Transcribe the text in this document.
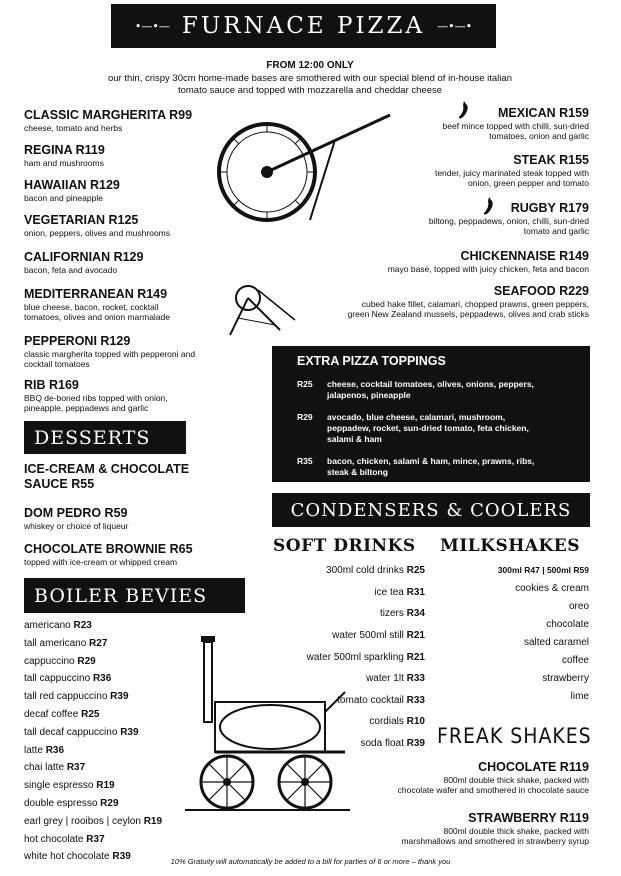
•—•— FURNACE PIZZA —•—•
FROM 12:00 ONLY
our thin, crispy 30cm home-made bases are smothered with our special blend of in-house italian
tomato sauce and topped with mozzarella and cheddar cheese
CLASSIC MARGHERITA R99
cheese, tomato and herbs
REGINA R119
ham and mushrooms
HAWAIIAN R129
bacon and pineapple
VEGETARIAN R125
onion, peppers, olives and mushrooms
CALIFORNIAN R129
bacon, feta and avocado
MEDITERRANEAN R149
blue cheese, bacon, rocket, cocktail
tomatoes, olives and onion marmalade
PEPPERONI R129
classic margherita topped with pepperoni and
cocktail tomatoes
RIB R169
BBQ de-boned ribs topped with onion,
pineapple, peppadews and garlic
MEXICAN R159
beef mince topped with chilli, sun-dried
tomatoes, onion and garlic
STEAK R155
tender, juicy marinated steak topped with
onion, green pepper and tomato
RUGBY R179
biltong, peppadews, onion, chilli, sun-dried
tomato and garlic
CHICKENNAISE R149
mayo base, topped with juicy chicken, feta and bacon
SEAFOOD R229
cubed hake fillet, calamari, chopped prawns, green peppers,
green New Zealand mussels, peppadews, olives and crab sticks
EXTRA PIZZA TOPPINGS
R25 cheese, cocktail tomatoes, olives, onions, peppers, jalapenos, pineapple
R29 avocado, blue cheese, calamari, mushroom, peppadew, rocket, sun-dried tomato, feta chicken, salami & ham
R35 bacon, chicken, salami & ham, mince, prawns, ribs, steak & biltong
DESSERTS
ICE-CREAM & CHOCOLATE
SAUCE R55
DOM PEDRO R59
whiskey or choice of liqueur
CHOCOLATE BROWNIE R65
topped with ice-cream or whipped cream
BOILER BEVIES
americano R23
tall americano R27
cappuccino R29
tall cappuccino R36
tall red cappuccino R39
decaf coffee R25
tall decaf cappuccino R39
latte R36
chai latte R37
single espresso R19
double espresso R29
earl grey | rooibos | ceylon R19
hot chocolate R37
white hot chocolate R39
CONDENSERS & COOLERS
SOFT DRINKS MILKSHAKES
300ml cold drinks R25
ice tea R31
tizers R34
water 500ml still R21
water 500ml sparkling R21
water 1lt R33
tomato cocktail R33
cordials R10
soda float R39
300ml R47 | 500ml R59
cookies & cream
oreo
chocolate
salted caramel
coffee
strawberry
lime
FREAK SHAKES
CHOCOLATE R119
800ml double thick shake, packed with
chocolate wafer and smothered in chocolate sauce
STRAWBERRY R119
800ml double thick shake, packed with
marshmallows and smothered in strawberry syrup
10% Gratuity will automatically be added to a bill for parties of 6 or more – thank you
